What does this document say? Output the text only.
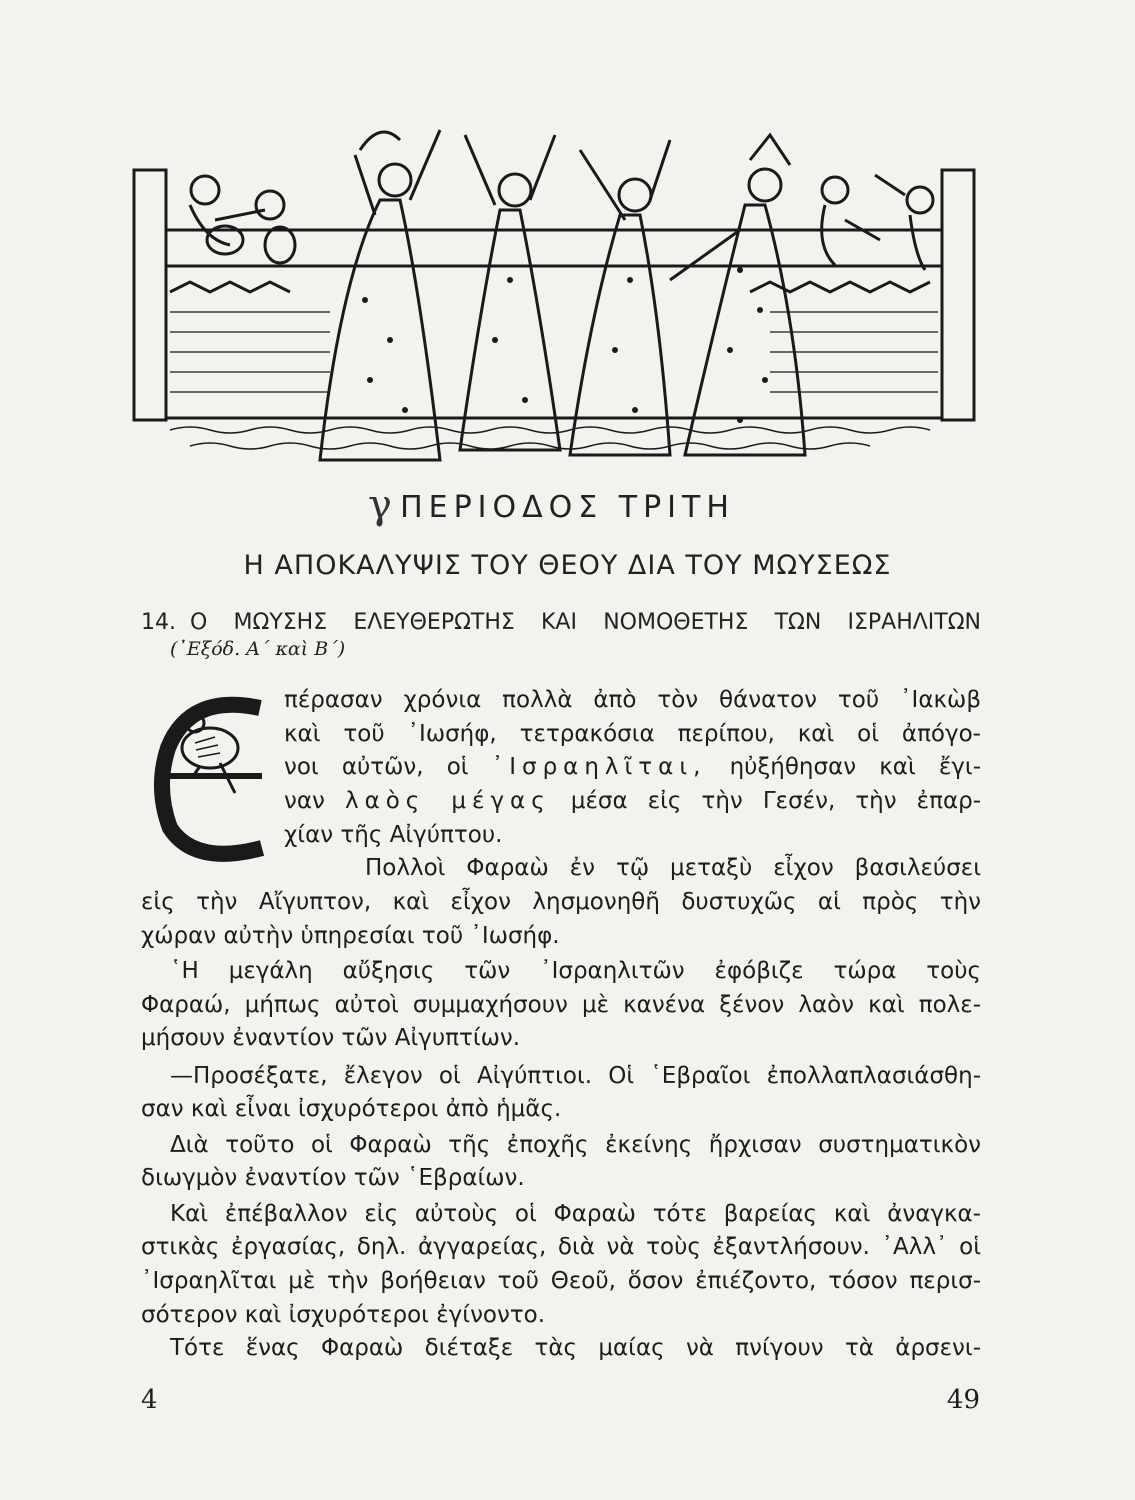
γ ΠΕΡΙΟΔΟΣ ΤΡΙΤΗ
Η ΑΠΟΚΑΛΥΨΙΣ ΤΟΥ ΘΕΟΥ ΔΙΑ ΤΟΥ ΜΩΥΣΕΩΣ
14. Ο ΜΩΥΣΗΣ ΕΛΕΥΘΕΡΩΤΗΣ ΚΑΙ ΝΟΜΟΘΕΤΗΣ ΤΩΝ ΙΣΡΑΗΛΙΤΩΝ
(᾿Εξόδ. Α΄ καὶ Β΄)
πέρασαν χρόνια πολλὰ ἀπὸ τὸν θάνατον τοῦ ᾿Ιακὼβ
καὶ τοῦ ᾿Ιωσήφ, τετρακόσια περίπου, καὶ οἱ ἀπόγο-
νοι αὐτῶν, οἱ ᾿Ισραηλῖται, ηὐξήθησαν καὶ ἔγι-
ναν λαὸς μέγας μέσα εἰς τὴν Γεσέν, τὴν ἐπαρ-
χίαν τῆς Αἰγύπτου.
Πολλοὶ Φαραὼ ἐν τῷ μεταξὺ εἶχον βασιλεύσει
εἰς τὴν Αἴγυπτον, καὶ εἶχον λησμονηθῆ δυστυχῶς αἱ πρὸς τὴν
χώραν αὐτὴν ὑπηρεσίαι τοῦ ᾿Ιωσήφ.
῾Η μεγάλη αὔξησις τῶν ᾿Ισραηλιτῶν ἐφόβιζε τώρα τοὺς
Φαραώ, μήπως αὐτοὶ συμμαχήσουν μὲ κανένα ξένον λαὸν καὶ πολε-
μήσουν ἐναντίον τῶν Αἰγυπτίων.
—Προσέξατε, ἔλεγον οἱ Αἰγύπτιοι. Οἱ ῾Εβραῖοι ἐπολλαπλασιάσθη-
σαν καὶ εἶναι ἰσχυρότεροι ἀπὸ ἡμᾶς.
Διὰ τοῦτο οἱ Φαραὼ τῆς ἐποχῆς ἐκείνης ἤρχισαν συστηματικὸν
διωγμὸν ἐναντίον τῶν ῾Εβραίων.
Καὶ ἐπέβαλλον εἰς αὐτοὺς οἱ Φαραὼ τότε βαρείας καὶ ἀναγκα-
στικὰς ἐργασίας, δηλ. ἀγγαρείας, διὰ νὰ τοὺς ἐξαντλήσουν. ᾿Αλλ᾿ οἱ
᾿Ισραηλῖται μὲ τὴν βοήθειαν τοῦ Θεοῦ, ὅσον ἐπιέζοντο, τόσον περισ-
σότερον καὶ ἰσχυρότεροι ἐγίνοντο.
Τότε ἕνας Φαραὼ διέταξε τὰς μαίας νὰ πνίγουν τὰ ἀρσενι-
4	49
